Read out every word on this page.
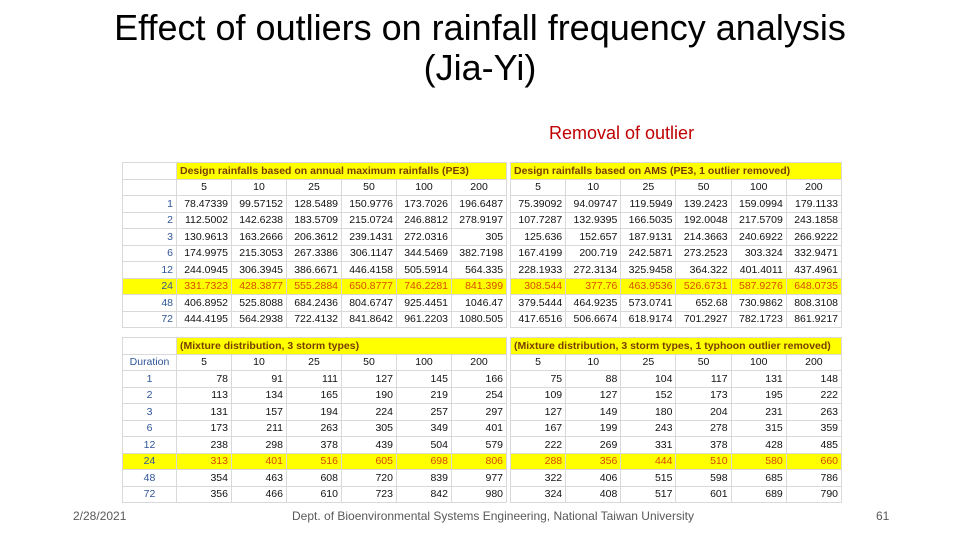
Effect of outliers on rainfall frequency analysis
(Jia-Yi)
Removal of outlier
	Design rainfalls based on annual maximum rainfalls (PE3)					
	5	10	25	50	100	200
1	78.47339	99.57152	128.5489	150.9776	173.7026	196.6487
2	112.5002	142.6238	183.5709	215.0724	246.8812	278.9197
3	130.9613	163.2666	206.3612	239.1431	272.0316	305
6	174.9975	215.3053	267.3386	306.1147	344.5469	382.7198
12	244.0945	306.3945	386.6671	446.4158	505.5914	564.335
24	331.7323	428.3877	555.2884	650.8777	746.2281	841.399
48	406.8952	525.8088	684.2436	804.6747	925.4451	1046.47
72	444.4195	564.2938	722.4132	841.8642	961.2203	1080.505
Design rainfalls based on AMS (PE3, 1 outlier removed)					
5	10	25	50	100	200
75.39092	94.09747	119.5949	139.2423	159.0994	179.1133
107.7287	132.9395	166.5035	192.0048	217.5709	243.1858
125.636	152.657	187.9131	214.3663	240.6922	266.9222
167.4199	200.719	242.5871	273.2523	303.324	332.9471
228.1933	272.3134	325.9458	364.322	401.4011	437.4961
308.544	377.76	463.9536	526.6731	587.9276	648.0735
379.5444	464.9235	573.0741	652.68	730.9862	808.3108
417.6516	506.6674	618.9174	701.2927	782.1723	861.9217
	(Mixture distribution, 3 storm types)					
Duration	5	10	25	50	100	200
1	78	91	111	127	145	166
2	113	134	165	190	219	254
3	131	157	194	224	257	297
6	173	211	263	305	349	401
12	238	298	378	439	504	579
24	313	401	516	605	698	806
48	354	463	608	720	839	977
72	356	466	610	723	842	980
(Mixture distribution, 3 storm types, 1 typhoon outlier removed)					
5	10	25	50	100	200
75	88	104	117	131	148
109	127	152	173	195	222
127	149	180	204	231	263
167	199	243	278	315	359
222	269	331	378	428	485
288	356	444	510	580	660
322	406	515	598	685	786
324	408	517	601	689	790
2/28/2021	Dept. of Bioenvironmental Systems Engineering, National Taiwan University	61
